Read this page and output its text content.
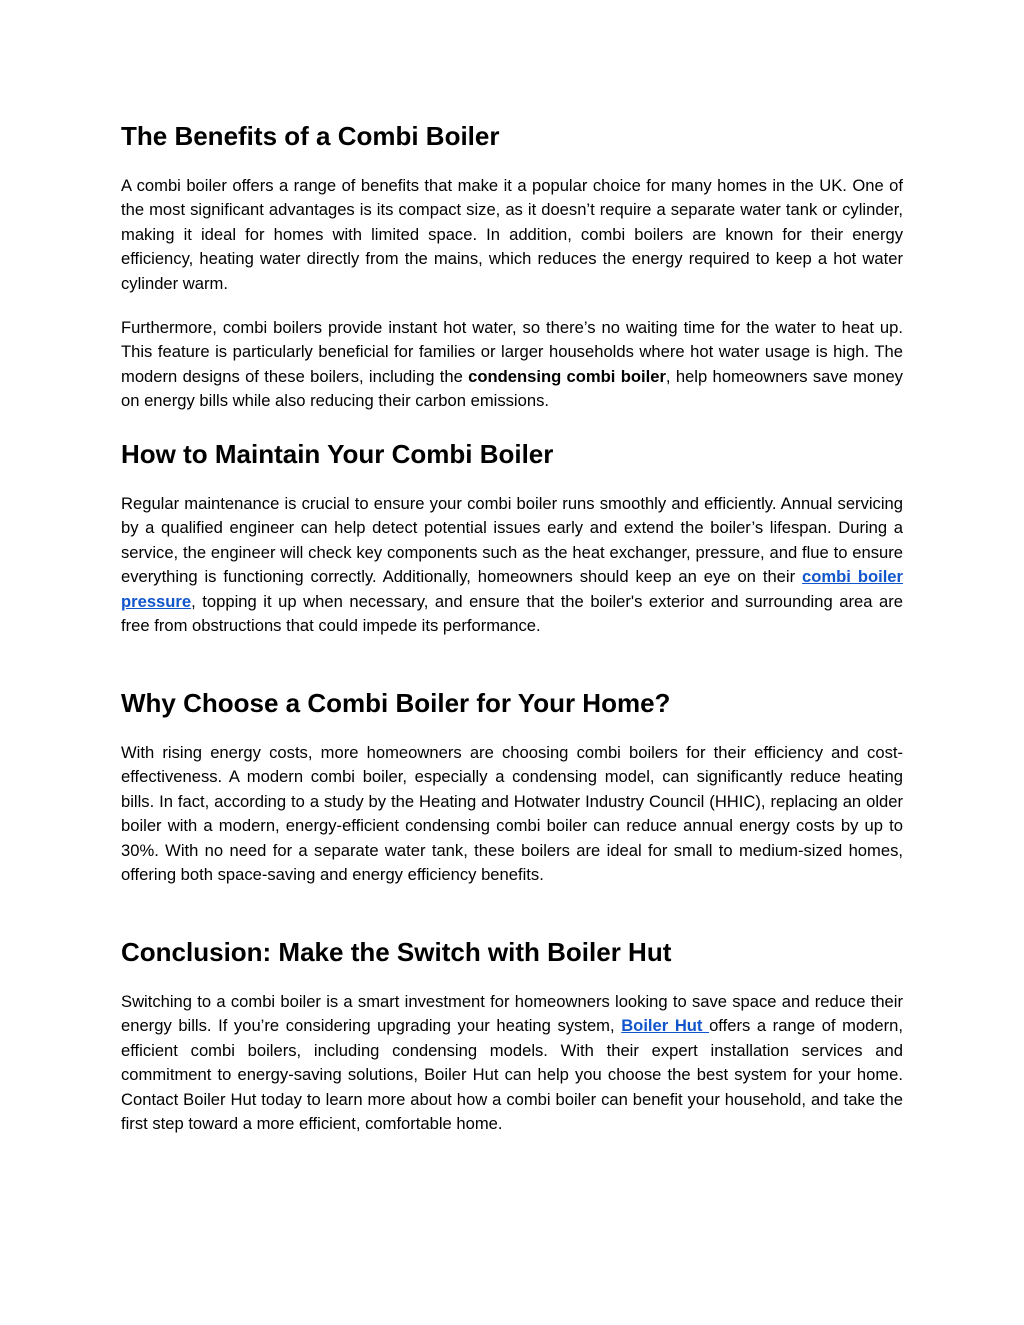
The Benefits of a Combi Boiler

A combi boiler offers a range of benefits that make it a popular choice for many homes in the UK. One of the most significant advantages is its compact size, as it doesn’t require a separate water tank or cylinder, making it ideal for homes with limited space. In addition, combi boilers are known for their energy efficiency, heating water directly from the mains, which reduces the energy required to keep a hot water cylinder warm.

Furthermore, combi boilers provide instant hot water, so there’s no waiting time for the water to heat up. This feature is particularly beneficial for families or larger households where hot water usage is high. The modern designs of these boilers, including the condensing combi boiler, help homeowners save money on energy bills while also reducing their carbon emissions.

How to Maintain Your Combi Boiler

Regular maintenance is crucial to ensure your combi boiler runs smoothly and efficiently. Annual servicing by a qualified engineer can help detect potential issues early and extend the boiler’s lifespan. During a service, the engineer will check key components such as the heat exchanger, pressure, and flue to ensure everything is functioning correctly. Additionally, homeowners should keep an eye on their combi boiler pressure, topping it up when necessary, and ensure that the boiler's exterior and surrounding area are free from obstructions that could impede its performance.

Why Choose a Combi Boiler for Your Home?

With rising energy costs, more homeowners are choosing combi boilers for their efficiency and cost-effectiveness. A modern combi boiler, especially a condensing model, can significantly reduce heating bills. In fact, according to a study by the Heating and Hotwater Industry Council (HHIC), replacing an older boiler with a modern, energy-efficient condensing combi boiler can reduce annual energy costs by up to 30%. With no need for a separate water tank, these boilers are ideal for small to medium-sized homes, offering both space-saving and energy efficiency benefits.

Conclusion: Make the Switch with Boiler Hut

Switching to a combi boiler is a smart investment for homeowners looking to save space and reduce their energy bills. If you’re considering upgrading your heating system, Boiler Hut offers a range of modern, efficient combi boilers, including condensing models. With their expert installation services and commitment to energy-saving solutions, Boiler Hut can help you choose the best system for your home. Contact Boiler Hut today to learn more about how a combi boiler can benefit your household, and take the first step toward a more efficient, comfortable home.
